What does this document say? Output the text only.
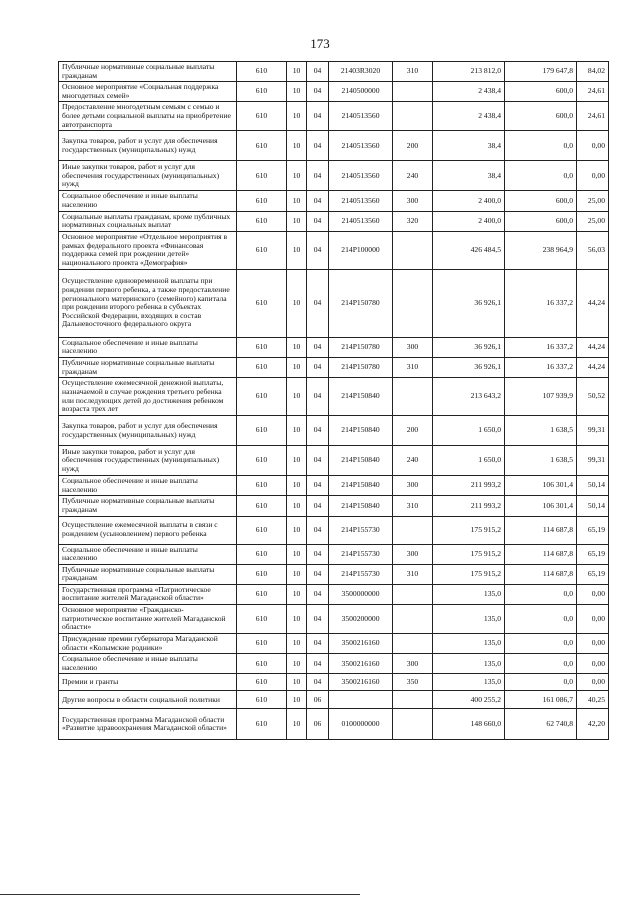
173
Публичные нормативные социальные выплаты гражданам	610	10	04	21403R3020	310	213 812,0	179 647,8	84,02
Основное мероприятие «Социальная поддержка многодетных семей»	610	10	04	2140500000		2 438,4	600,0	24,61
Предоставление многодетным семьям с семью и более детьми социальной выплаты на приобретение автотранспорта	610	10	04	2140513560		2 438,4	600,0	24,61
Закупка товаров, работ и услуг для обеспечения государственных (муниципальных) нужд	610	10	04	2140513560	200	38,4	0,0	0,00
Иные закупки товаров, работ и услуг для обеспечения государственных (муниципальных) нужд	610	10	04	2140513560	240	38,4	0,0	0,00
Социальное обеспечение и иные выплаты населению	610	10	04	2140513560	300	2 400,0	600,0	25,00
Социальные выплаты гражданам, кроме публичных нормативных социальных выплат	610	10	04	2140513560	320	2 400,0	600,0	25,00
Основное мероприятие «Отдельное мероприятия в рамках федерального проекта «Финансовая поддержка семей при рождении детей» национального проекта «Демография»	610	10	04	214P100000		426 484,5	238 964,9	56,03
Осуществление единовременной выплаты при рождении первого ребенка, а также предоставление регионального материнского (семейного) капитала при рождении второго ребенка в субъектах Российской Федерации, входящих в состав Дальневосточного федерального округа	610	10	04	214P150780		36 926,1	16 337,2	44,24
Социальное обеспечение и иные выплаты населению	610	10	04	214P150780	300	36 926,1	16 337,2	44,24
Публичные нормативные социальные выплаты гражданам	610	10	04	214P150780	310	36 926,1	16 337,2	44,24
Осуществление ежемесячной денежной выплаты, назначаемой в случае рождения третьего ребенка или последующих детей до достижения ребенком возраста трех лет	610	10	04	214P150840		213 643,2	107 939,9	50,52
Закупка товаров, работ и услуг для обеспечения государственных (муниципальных) нужд	610	10	04	214P150840	200	1 650,0	1 638,5	99,31
Иные закупки товаров, работ и услуг для обеспечения государственных (муниципальных) нужд	610	10	04	214P150840	240	1 650,0	1 638,5	99,31
Социальное обеспечение и иные выплаты населению	610	10	04	214P150840	300	211 993,2	106 301,4	50,14
Публичные нормативные социальные выплаты гражданам	610	10	04	214P150840	310	211 993,2	106 301,4	50,14
Осуществление ежемесячной выплаты в связи с рождением (усыновлением) первого ребенка	610	10	04	214P155730		175 915,2	114 687,8	65,19
Социальное обеспечение и иные выплаты населению	610	10	04	214P155730	300	175 915,2	114 687,8	65,19
Публичные нормативные социальные выплаты гражданам	610	10	04	214P155730	310	175 915,2	114 687,8	65,19
Государственная программа «Патриотическое воспитание жителей Магаданской области»	610	10	04	3500000000		135,0	0,0	0,00
Основное мероприятие «Гражданско-патриотическое воспитание жителей Магаданской области»	610	10	04	3500200000		135,0	0,0	0,00
Присуждение премии губернатора Магаданской области «Колымские родники»	610	10	04	3500216160		135,0	0,0	0,00
Социальное обеспечение и иные выплаты населению	610	10	04	3500216160	300	135,0	0,0	0,00
Премии и гранты	610	10	04	3500216160	350	135,0	0,0	0,00
Другие вопросы в области социальной политики	610	10	06			400 255,2	161 086,7	40,25
Государственная программа Магаданской области «Развитие здравоохранения Магаданской области»	610	10	06	0100000000		148 660,0	62 740,8	42,20
